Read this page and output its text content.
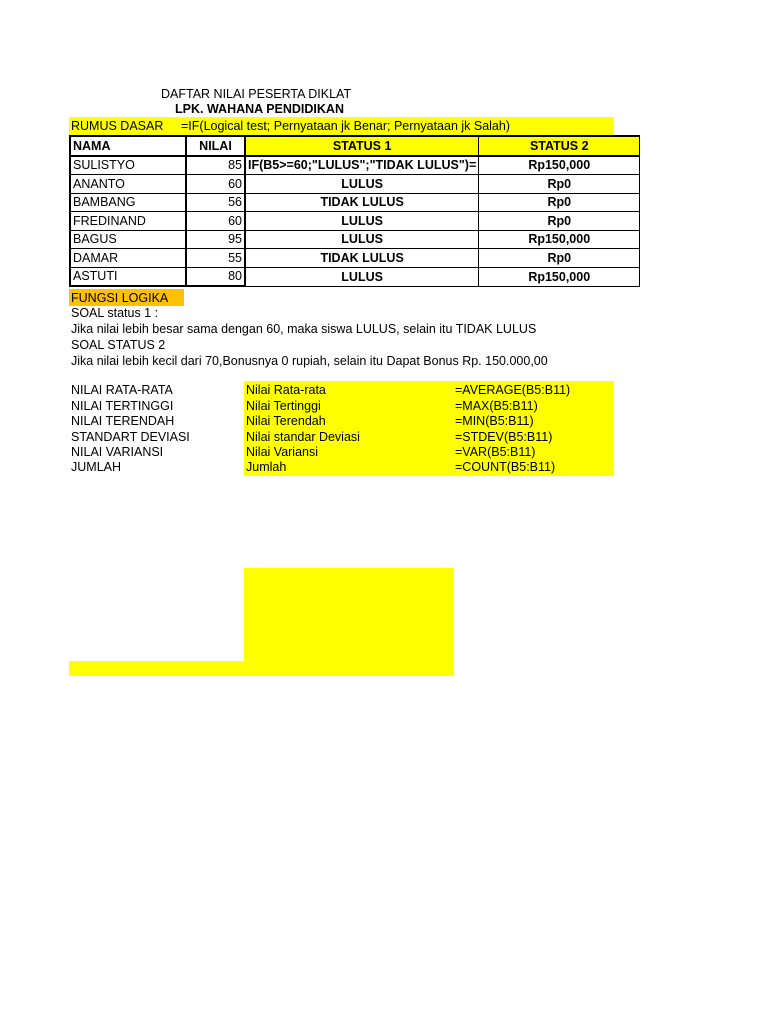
DAFTAR NILAI PESERTA DIKLAT
LPK. WAHANA PENDIDIKAN
RUMUS DASAR =IF(Logical test; Pernyataan jk Benar; Pernyataan jk Salah)
NAMA	NILAI	STATUS 1	STATUS 2
SULISTYO	85	=IF(B5>=60;"LULUS";"TIDAK LULUS")	Rp150,000
ANANTO	60	LULUS	Rp0
BAMBANG	56	TIDAK LULUS	Rp0
FREDINAND	60	LULUS	Rp0
BAGUS	95	LULUS	Rp150,000
DAMAR	55	TIDAK LULUS	Rp0
ASTUTI	80	LULUS	Rp150,000
FUNGSI LOGIKA
SOAL status 1 :
Jika nilai lebih besar sama dengan 60, maka siswa LULUS, selain itu TIDAK LULUS
SOAL STATUS 2
Jika nilai lebih kecil dari 70,Bonusnya 0 rupiah, selain itu Dapat Bonus Rp. 150.000,00
NILAI RATA-RATA	Nilai Rata-rata	=AVERAGE(B5:B11)
NILAI TERTINGGI	Nilai Tertinggi	=MAX(B5:B11)
NILAI TERENDAH	Nilai Terendah	=MIN(B5:B11)
STANDART DEVIASI	Nilai standar Deviasi	=STDEV(B5:B11)
NILAI VARIANSI	Nilai Variansi	=VAR(B5:B11)
JUMLAH	Jumlah	=COUNT(B5:B11)
